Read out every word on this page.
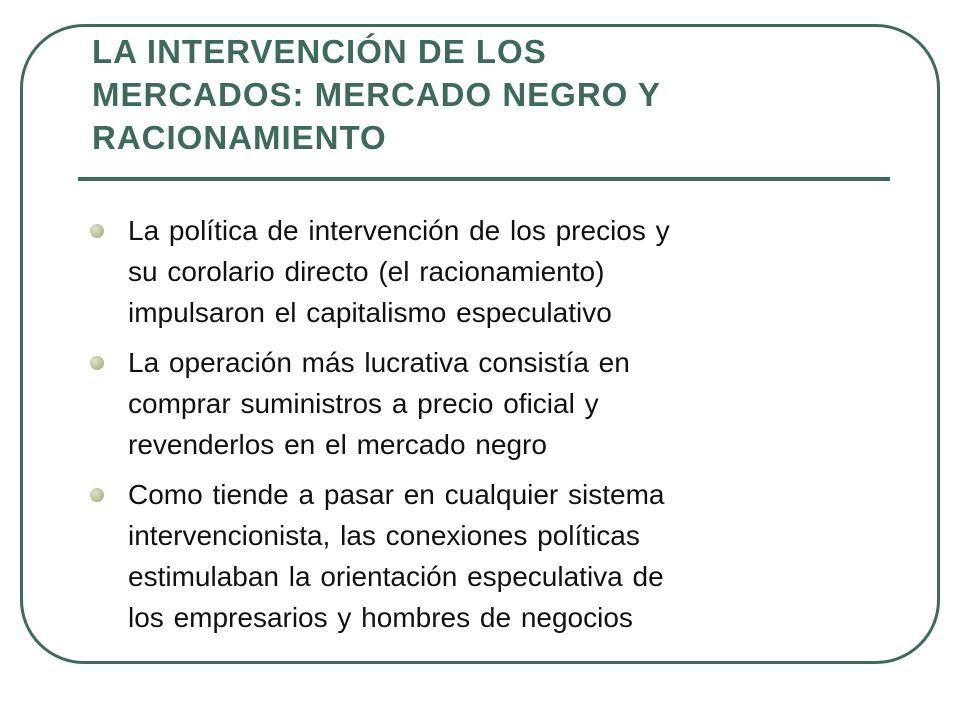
LA INTERVENCIÓN DE LOS
MERCADOS: MERCADO NEGRO Y
RACIONAMIENTO
La política de intervención de los precios y
su corolario directo (el racionamiento)
impulsaron el capitalismo especulativo
La operación más lucrativa consistía en
comprar suministros a precio oficial y
revenderlos en el mercado negro
Como tiende a pasar en cualquier sistema
intervencionista, las conexiones políticas
estimulaban la orientación especulativa de
los empresarios y hombres de negocios
